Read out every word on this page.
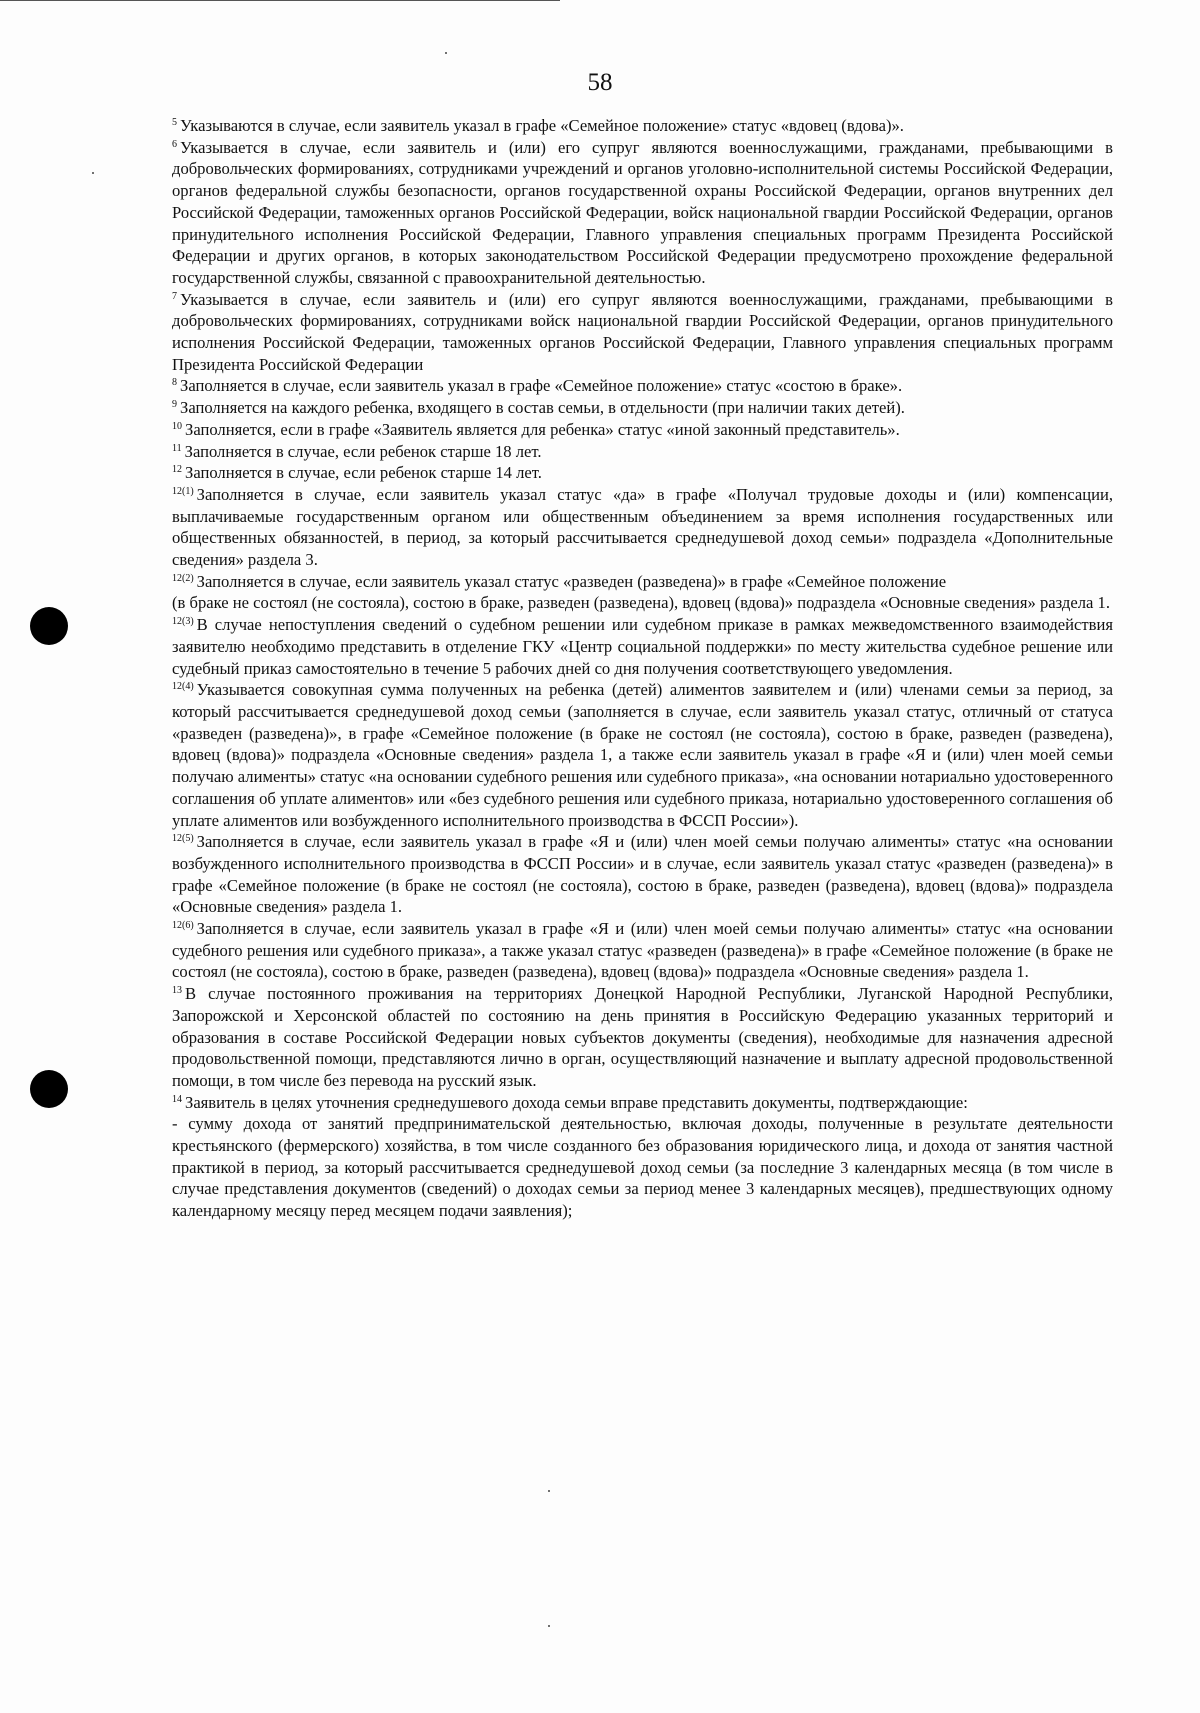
58

$^5$ Указываются в случае, если заявитель указал в графе «Семейное положение» статус «вдовец (вдова)».

$^6$ Указывается в случае, если заявитель и (или) его супруг являются военнослужащими, гражданами, пребывающими в добровольческих формированиях, сотрудниками учреждений и органов уголовно-исполнительной системы Российской Федерации, органов федеральной службы безопасности, органов государственной охраны Российской Федерации, органов внутренних дел Российской Федерации, таможенных органов Российской Федерации, войск национальной гвардии Российской Федерации, органов принудительного исполнения Российской Федерации, Главного управления специальных программ Президента Российской Федерации и других органов, в которых законодательством Российской Федерации предусмотрено прохождение федеральной государственной службы, связанной с правоохранительной деятельностью.

$^7$ Указывается в случае, если заявитель и (или) его супруг являются военнослужащими, гражданами, пребывающими в добровольческих формированиях, сотрудниками войск национальной гвардии Российской Федерации, органов принудительного исполнения Российской Федерации, таможенных органов Российской Федерации, Главного управления специальных программ Президента Российской Федерации

$^8$ Заполняется в случае, если заявитель указал в графе «Семейное положение» статус «состою в браке».

$^9$ Заполняется на каждого ребенка, входящего в состав семьи, в отдельности (при наличии таких детей).

$^{10}$ Заполняется, если в графе «Заявитель является для ребенка» статус «иной законный представитель».

$^{11}$ Заполняется в случае, если ребенок старше 18 лет.

$^{12}$ Заполняется в случае, если ребенок старше 14 лет.

$^{12(1)}$ Заполняется в случае, если заявитель указал статус «да» в графе «Получал трудовые доходы и (или) компенсации, выплачиваемые государственным органом или общественным объединением за время исполнения государственных или общественных обязанностей, в период, за который рассчитывается среднедушевой доход семьи» подраздела «Дополнительные сведения» раздела 3.

$^{12(2)}$ Заполняется в случае, если заявитель указал статус «разведен (разведена)» в графе «Семейное положение

(в браке не состоял (не состояла), состою в браке, разведен (разведена), вдовец (вдова)» подраздела «Основные сведения» раздела 1.

$^{12(3)}$ В случае непоступления сведений о судебном решении или судебном приказе в рамках межведомственного взаимодействия заявителю необходимо представить в отделение ГКУ «Центр социальной поддержки» по месту жительства судебное решение или судебный приказ самостоятельно в течение 5 рабочих дней со дня получения соответствующего уведомления.

$^{12(4)}$ Указывается совокупная сумма полученных на ребенка (детей) алиментов заявителем и (или) членами семьи за период, за который рассчитывается среднедушевой доход семьи (заполняется в случае, если заявитель указал статус, отличный от статуса «разведен (разведена)», в графе «Семейное положение (в браке не состоял (не состояла), состою в браке, разведен (разведена), вдовец (вдова)» подраздела «Основные сведения» раздела 1, а также если заявитель указал в графе «Я и (или) член моей семьи получаю алименты» статус «на основании судебного решения или судебного приказа», «на основании нотариально удостоверенного соглашения об уплате алиментов» или «без судебного решения или судебного приказа, нотариально удостоверенного соглашения об уплате алиментов или возбужденного исполнительного производства в ФССП России»).

$^{12(5)}$ Заполняется в случае, если заявитель указал в графе «Я и (или) член моей семьи получаю алименты» статус «на основании возбужденного исполнительного производства в ФССП России» и в случае, если заявитель указал статус «разведен (разведена)» в графе «Семейное положение (в браке не состоял (не состояла), состою в браке, разведен (разведена), вдовец (вдова)» подраздела «Основные сведения» раздела 1.

$^{12(6)}$ Заполняется в случае, если заявитель указал в графе «Я и (или) член моей семьи получаю алименты» статус «на основании судебного решения или судебного приказа», а также указал статус «разведен (разведена)» в графе «Семейное положение (в браке не состоял (не состояла), состою в браке, разведен (разведена), вдовец (вдова)» подраздела «Основные сведения» раздела 1.

$^{13}$ В случае постоянного проживания на территориях Донецкой Народной Республики, Луганской Народной Республики, Запорожской и Херсонской областей по состоянию на день принятия в Российскую Федерацию указанных территорий и образования в составе Российской Федерации новых субъектов документы (сведения), необходимые для назначения адресной продовольственной помощи, представляются лично в орган, осуществляющий назначение и выплату адресной продовольственной помощи, в том числе без перевода на русский язык.

$^{14}$ Заявитель в целях уточнения среднедушевого дохода семьи вправе представить документы, подтверждающие:

- сумму дохода от занятий предпринимательской деятельностью, включая доходы, полученные в результате деятельности крестьянского (фермерского) хозяйства, в том числе созданного без образования юридического лица, и дохода от занятия частной практикой в период, за который рассчитывается среднедушевой доход семьи (за последние 3 календарных месяца (в том числе в случае представления документов (сведений) о доходах семьи за период менее 3 календарных месяцев), предшествующих одному календарному месяцу перед месяцем подачи заявления);
